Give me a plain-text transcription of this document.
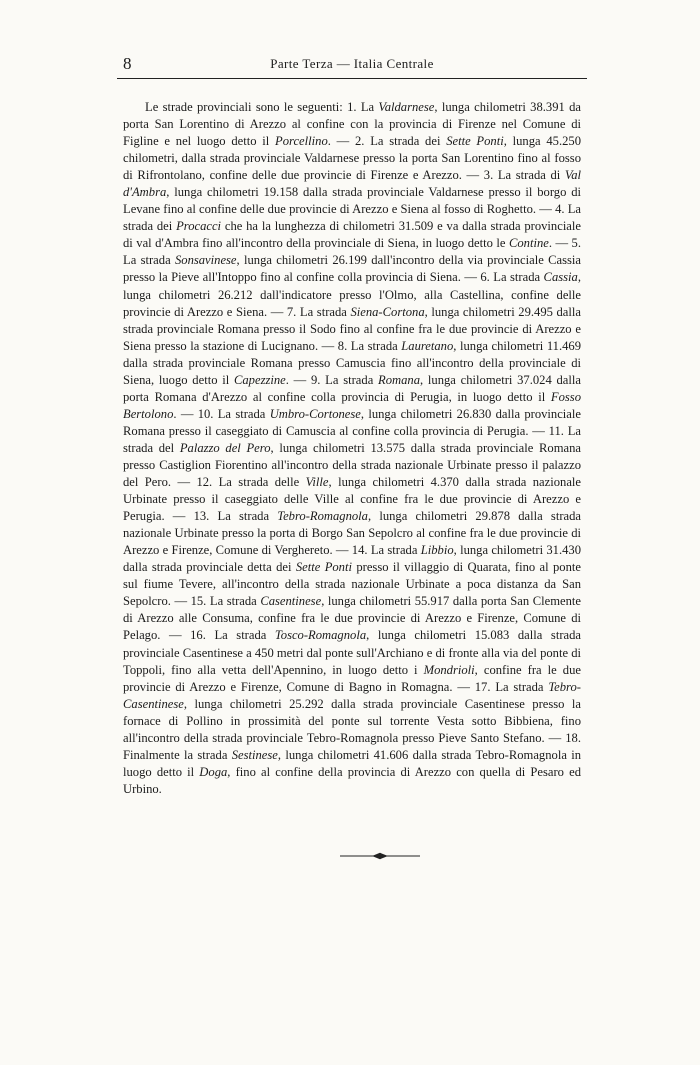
8	Parte Terza — Italia Centrale

Le strade provinciali sono le seguenti: 1. La Valdarnese, lunga chilometri 38.391 da porta San Lorentino di Arezzo al confine con la provincia di Firenze nel Comune di Figline e nel luogo detto il Porcellino. — 2. La strada dei Sette Ponti, lunga 45.250 chilometri, dalla strada provinciale Valdarnese presso la porta San Lorentino fino al fosso di Rifrontolano, confine delle due provincie di Firenze e Arezzo. — 3. La strada di Val d'Ambra, lunga chilometri 19.158 dalla strada provinciale Valdarnese presso il borgo di Levane fino al confine delle due provincie di Arezzo e Siena al fosso di Roghetto. — 4. La strada dei Procacci che ha la lunghezza di chilometri 31.509 e va dalla strada provinciale di val d'Ambra fino all'incontro della provinciale di Siena, in luogo detto le Contine. — 5. La strada Sonsavinese, lunga chilometri 26.199 dall'incontro della via provinciale Cassia presso la Pieve all'Intoppo fino al confine colla provincia di Siena. — 6. La strada Cassia, lunga chilometri 26.212 dall'indicatore presso l'Olmo, alla Castellina, confine delle provincie di Arezzo e Siena. — 7. La strada Siena-Cortona, lunga chilometri 29.495 dalla strada provinciale Romana presso il Sodo fino al confine fra le due provincie di Arezzo e Siena presso la stazione di Lucignano. — 8. La strada Lauretano, lunga chilometri 11.469 dalla strada provinciale Romana presso Camuscia fino all'incontro della provinciale di Siena, luogo detto il Capezzine. — 9. La strada Romana, lunga chilometri 37.024 dalla porta Romana d'Arezzo al confine colla provincia di Perugia, in luogo detto il Fosso Bertolono. — 10. La strada Umbro-Cortonese, lunga chilometri 26.830 dalla provinciale Romana presso il caseggiato di Camuscia al confine colla provincia di Perugia. — 11. La strada del Palazzo del Pero, lunga chilometri 13.575 dalla strada provinciale Romana presso Castiglion Fiorentino all'incontro della strada nazionale Urbinate presso il palazzo del Pero. — 12. La strada delle Ville, lunga chilometri 4.370 dalla strada nazionale Urbinate presso il caseggiato delle Ville al confine fra le due provincie di Arezzo e Perugia. — 13. La strada Tebro-Romagnola, lunga chilometri 29.878 dalla strada nazionale Urbinate presso la porta di Borgo San Sepolcro al confine fra le due provincie di Arezzo e Firenze, Comune di Verghereto. — 14. La strada Libbio, lunga chilometri 31.430 dalla strada provinciale detta dei Sette Ponti presso il villaggio di Quarata, fino al ponte sul fiume Tevere, all'incontro della strada nazionale Urbinate a poca distanza da San Sepolcro. — 15. La strada Casentinese, lunga chilometri 55.917 dalla porta San Clemente di Arezzo alle Consuma, confine fra le due provincie di Arezzo e Firenze, Comune di Pelago. — 16. La strada Tosco-Romagnola, lunga chilometri 15.083 dalla strada provinciale Casentinese a 450 metri dal ponte sull'Archiano e di fronte alla via del ponte di Toppoli, fino alla vetta dell'Apennino, in luogo detto i Mondrioli, confine fra le due provincie di Arezzo e Firenze, Comune di Bagno in Romagna. — 17. La strada Tebro-Casentinese, lunga chilometri 25.292 dalla strada provinciale Casentinese presso la fornace di Pollino in prossimità del ponte sul torrente Vesta sotto Bibbiena, fino all'incontro della strada provinciale Tebro-Romagnola presso Pieve Santo Stefano. — 18. Finalmente la strada Sestinese, lunga chilometri 41.606 dalla strada Tebro-Romagnola in luogo detto il Doga, fino al confine della provincia di Arezzo con quella di Pesaro ed Urbino.
